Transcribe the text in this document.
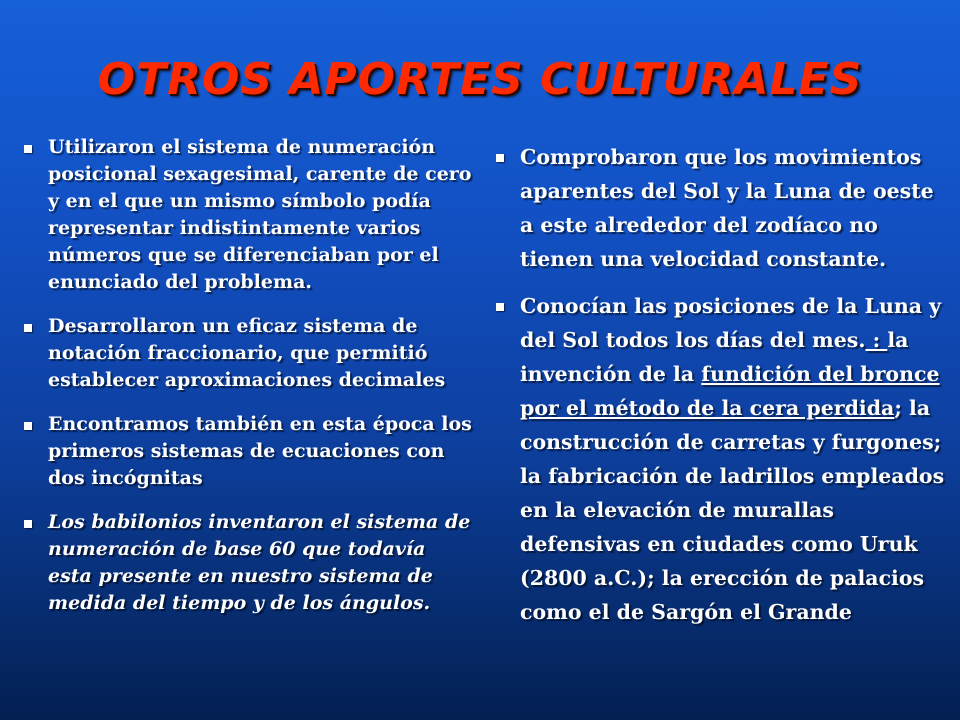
OTROS APORTES CULTURALES
Utilizaron el sistema de numeración posicional sexagesimal, carente de cero y en el que un mismo símbolo podía representar indistintamente varios números que se diferenciaban por el enunciado del problema.
Desarrollaron un eficaz sistema de notación fraccionario, que permitió establecer aproximaciones decimales
Encontramos también en esta época los primeros sistemas de ecuaciones con dos incógnitas
Los babilonios inventaron el sistema de numeración de base 60 que todavía esta presente en nuestro sistema de medida del tiempo y de los ángulos.
Comprobaron que los movimientos aparentes del Sol y la Luna de oeste a este alrededor del zodíaco no tienen una velocidad constante.
Conocían las posiciones de la Luna y del Sol todos los días del mes. : la invención de la fundición del bronce por el método de la cera perdida; la construcción de carretas y furgones; la fabricación de ladrillos empleados en la elevación de murallas defensivas en ciudades como Uruk (2800 a.C.); la erección de palacios como el de Sargón el Grande
